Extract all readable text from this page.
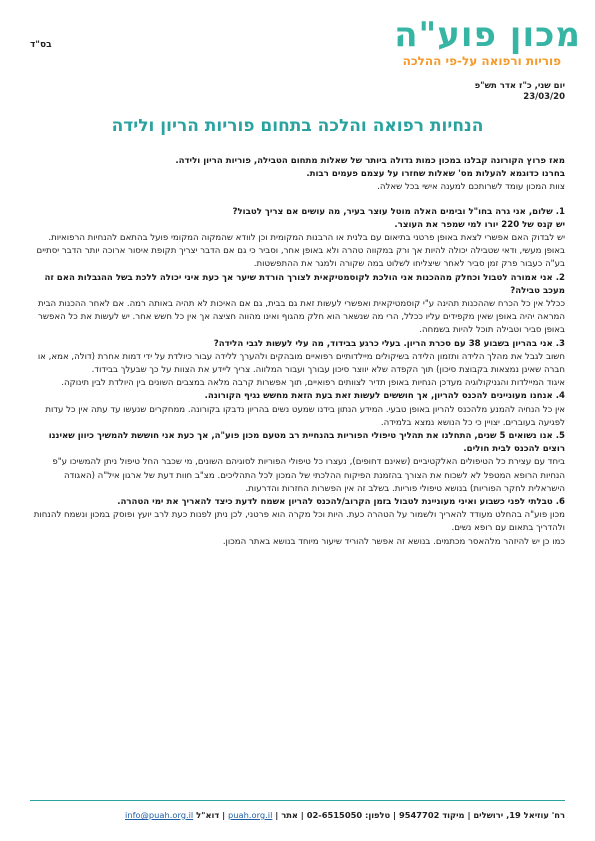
בס"ד	מכון פוע"ה
פוריות ורפואה על-פי ההלכה
יום שני, כ"ז אדר תש"פ
23/03/20
הנחיות רפואה והלכה בתחום פוריות הריון ולידה

מאז פרוץ הקורונה קבלנו במכון כמות גדולה ביותר של שאלות מתחום הטבילה, פוריות הריון ולידה.

בחרנו כדוגמא להעלות מס' שאלות שחזרו על עצמם פעמים רבות.

צוות המכון עומד לשרותכם למענה אישי בכל שאלה.

1. שלום, אני גרה בחו"ל ובימים האלה מוטל עוצר בעיר, מה עושים אם צריך לטבול?

יש קנס של 220 יורו למי שמפר את העוצר.

יש לבדוק האם אפשרי לצאת באופן פרטני בתיאום עם בלנית או הרבנות המקומית וכן לוודא שהמקוה המקומי פועל בהתאם להנחיות הרפואיות.

באופן מעשי, ודאי שטבילה יכולה להיות אך ורק במקווה טהרה ולא באופן אחר, וסביר כי גם אם הדבר יצריך תקופת איסור ארוכה יותר הדבר יסתיים בע"ה כעבור פרק זמן סביר לאחר שיצליחו לשלוט במה שקורה ולמגר את ההתפשטות.

2. אני אמורה לטבול וכחלק מההכנות אני הולכת לקוסמטיקאית לצורך הורדת שיער אך כעת איני יכולה ללכת בשל ההגבלות האם זה מעכב טבילה?

ככלל אין כל הכרח שההכנות תהינה ע"י קוסמטיקאית ואפשרי לעשות זאת גם בבית, גם אם האיכות לא תהיה באותה רמה. אם לאחר ההכנות הבית המראה יהיה באופן שאין מקפידים עליו ככלל, הרי מה שנשאר הוא חלק מהגוף ואינו מהווה חציצה אך אין כל חשש אחר. יש לעשות את כל האפשר באופן סביר וטבילה תוכל להיות בשמחה.

3. אני בהריון בשבוע 38 עם סכרת הריון. בעלי כרגע בבידוד, מה עלי לעשות לגבי הלידה?

חשוב לגבל את מהלך הלידה ותזמון הלידה בשיקולים מיילדותיים רפואיים מובהקים ולהערך ללידה עבור כיולדת על ידי דמות אחרת (דולה, אמא, או חברה שאינן נמצאות בקבוצת סיכון) תוך הקפדה שלא יווצר סיכון עבורך ועבור המלווה. צריך ליידע את הצוות על כך שבעלך בבידוד.

איגוד המיילדות והגניקולוגיה מעדכן הנחיות באופן תדיר לצוותים רפואיים, תוך אפשרות קרבה מלאה במצבים השונים בין היולדת לבין תינוקה.

4. אנחנו מעוניינים להכנס להריון, אך חוששים לעשות זאת בעת הזאת מחשש נגיף הקורונה.

אין כל הנחיה להמנע מלהכנס להריון באופן טבעי. המידע הנתון בידנו שמעט נשים בהריון נדבקו בקורונה. ממחקרים שנעשו עד עתה אין כל עדות לפגיעה בעוברים. יצויין כי כל הנושא נמצא בלמידה.

5. אנו נשואים 5 שנים, התחלנו את תהליך טיפולי הפוריות בהנחיית רב מטעם מכון פוע"ה, אך כעת אני חוששת להמשיך כיוון שאיננו רוצים להכנס לבית חולים.

ביחד עם עצירת כל הטיפולים האלקטיביים (שאינם דחופים), נעצרו כל טיפולי הפוריות לסוגיהם השונים, מי שכבר החל טיפול ניתן להמשיכו ע"פ הנחיות הרופא המטפל לא לשכוח את הצורך בהזמנת הפיקוח ההלכתי של המכון לכל התהליכים. מצ"ב חוות דעת של ארגון איל"ה (האגודה הישראלית לחקר הפוריות) בנושא טיפולי פוריות. בשלב זה אין הפשרות החזרות והדרעות.

6. טבלתי לפני כשבוע ואיני מעוניינת לטבול בזמן הקרוב/להכנס להריון אשמח לדעת כיצד להאריך את ימי הטהרה.

מכון פוע"ה בהחלט מעודד להאריך ולשמור על הטהרה כעת. היות וכל מקרה הוא פרטני, לכן ניתן לפנות כעת לרב יועץ ופוסק במכון ונשמח להנחות ולהדריך בתאום עם רופא נשים.

כמו כן יש להיזהר מלהאסר מכתמים. בנושא זה אפשר להוריד שיעור מיוחד בנושא באתר המכון.

רח' עוזיאל 19, ירושלים | מיקוד 9547702 | טלפון: 02-6515050 | אתר | puah.org.il | דוא"ל info@puah.org.il
